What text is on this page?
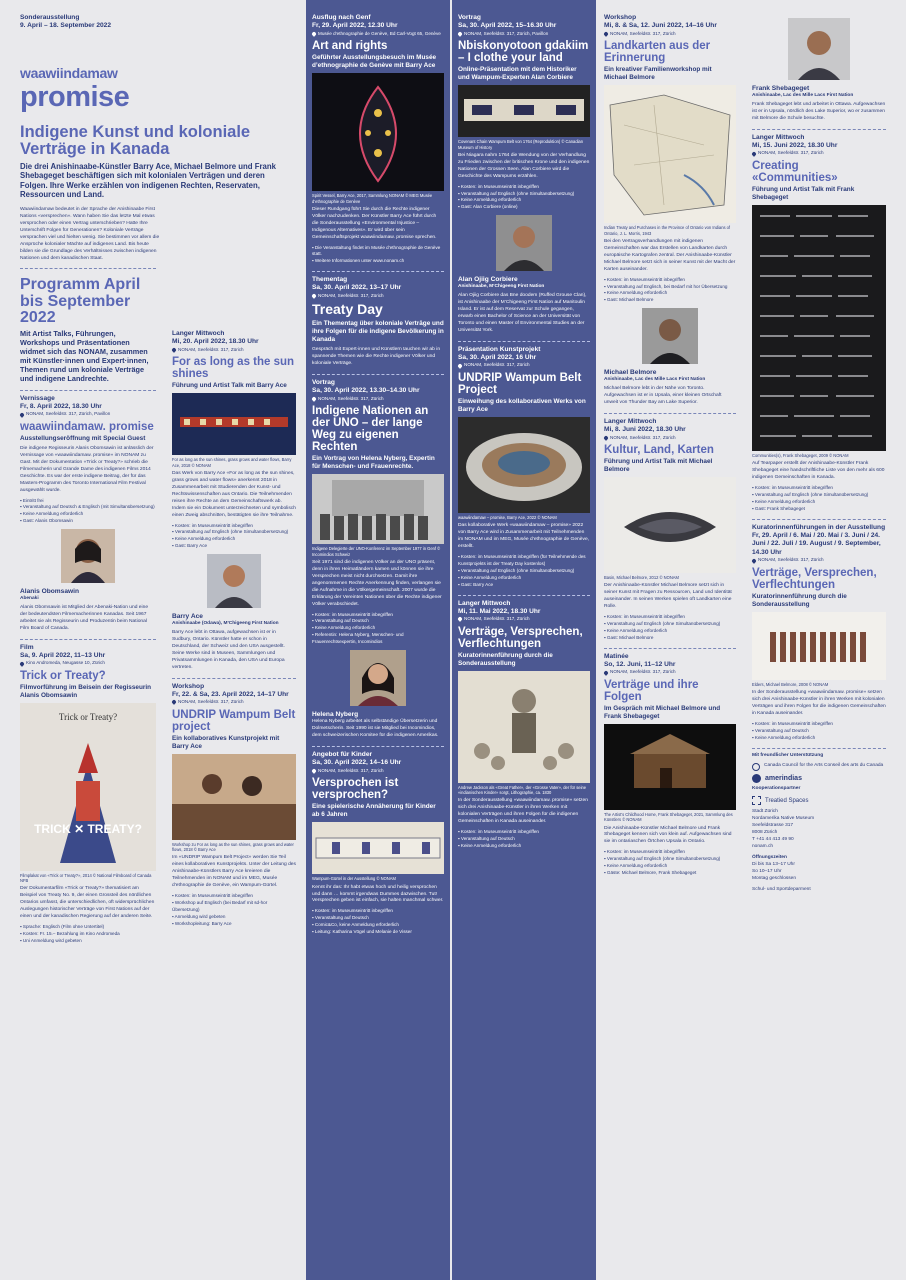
Sonderausstellung
9. April – 18. September 2022
waawiindamaw
promise
Indigene Kunst und koloniale Verträge in Kanada
Die drei Anishinaabe-Künstler Barry Ace, Michael Belmore und Frank Shebageget beschäftigen sich mit kolonialen Verträgen und deren Folgen. Ihre Werke erzählen von indigenen Rechten, Reservaten, Ressourcen und Land.
Waawiindamaw bedeutet in der Sprache der Anishinaabe First Nations «versprechen». Wann haben Sie das letzte Mal etwas versprochen oder einen Vertrag unterschrieben? Hatte Ihre Unterschrift Folgen für Generationen? Koloniale Verträge versprachen viel und hielten wenig. Sie bestimmen vor allem die Ansprüche kolonialer Mächte auf indigenes Land. Bis heute bilden sie die Grundlage des Verhältnisses zwischen indigenen Nationen und dem kanadischen Staat.
Programm April bis September 2022
Mit Artist Talks, Führungen, Workshops und Präsentationen widmet sich das NONAM, zusammen mit Künstler·innen und Expert·innen, Themen rund um koloniale Verträge und indigene Landrechte.
Vernissage
Fr, 8. April 2022, 18.30 Uhr
NONAM, Seefeldstr. 317, Zürich, Pavillon
waawiindamaw. promise
Ausstellungseröffnung mit Special Guest
Die indigene Regisseurin Alanis Obomsawin ist anlässlich der Vernissage von «waawiindamaw. promise» im NONAM zu Gast. Mit der Dokumentation «Trick or Treaty?» schrieb die Filmemacherin und Grande Dame des indigenen Films 2014 Geschichte. Es war der erste indigene Beitrag, der für das Masters-Programm des Toronto International Film Festival ausgewählt wurde.
▪ Eintritt frei
▪ Veranstaltung auf Deutsch & Englisch (mit Simultanübersetzung)
▪ Keine Anmeldung erforderlich
▪ Gast: Alanis Obomsawin
Alanis Obomsawin
Abenaki
Alanis Obomsawin ist Mitglied der Abenaki-Nation und eine der bedeutendsten Filmemacherinnen Kanadas. Seit 1967 arbeitet sie als Regisseurin und Produzentin beim National Film Board of Canada.
Film
Sa, 9. April 2022, 11–13 Uhr
Kino Andromeda, Neugasse 10, Zürich
Trick or Treaty?
Filmvorführung im Beisein der Regisseurin Alanis Obomsawin
Trick or Treaty?
TRICK ✕ TREATY?
Filmplakat von «Trick or Treaty?», 2014 © National Filmboard of Canada NFB
Der Dokumentarfilm «Trick or Treaty?» thematisiert am Beispiel von Treaty No. 9, der einen Grossteil des nördlichen Ontarios umfasst, die unterschiedlichen, oft widersprüchlichen Auslegungen historischer Verträge von First Nations auf der einen und der kanadischen Regierung auf der anderen Seite.
▪ Sprache: Englisch (Film ohne Untertitel)
▪ Kosten: Fr. 15.– Bezahlung im Kino Andromeda
▪ Uni Anmeldung wird gebeten
Langer Mittwoch
Mi, 20. April 2022, 18.30 Uhr
NONAM, Seefeldstr. 317, Zürich
For as long as the sun shines
Führung und Artist Talk mit Barry Ace
For as long as the sun shines, grass grows and water flows, Barry Ace, 2018 © NONAM
Das Werk von Barry Ace «For as long as the sun shines, grass grows and water flows» anerkennt 2018 in Zusammenarbeit mit Studierenden der Kunst- und Rechtswissenschaften aus Ontario. Die Teilnehmenden reisen ihre Rechte an dem Gemeinschaftswerk ab. Indem sie ein Dokument unterzeichneten und symbolisch einen Zweig abschnitten, bestätigten sie ihre Teilnahme.
▪ Kosten: im Museumseintritt inbegriffen
▪ Veranstaltung auf Englisch (ohne Simultanübersetzung)
▪ Keine Anmeldung erforderlich
▪ Gast: Barry Ace
Barry Ace
Anishinaabe (Odawa), M’Chigeeng First Nation
Barry Ace lebt in Ottawa, aufgewachsen ist er in Sudbury, Ontario. Künstler hatte er schon in Deutschland, der Schweiz und den USA ausgestellt. Seine Werke sind in Museen, Sammlungen und Privatsammlungen in Kanada, den USA und Europa vertreten.
Workshop
Fr, 22. & Sa, 23. April 2022, 14–17 Uhr
NONAM, Seefeldstr. 317, Zürich
UNDRIP Wampum Belt project
Ein kollaboratives Kunstprojekt mit Barry Ace
Workshop zu For as long as the sun shines, grass grows and water flows, 2018 © Barry Ace
Im «UNDRIP Wampum Belt Project» werden Sie Teil eines kollaborativen Kunstprojekts. Unter der Leitung des Anishinaabe-Künstlers Barry Ace kreieren die Teilnehmenden im NONAM und im MEG, Musée d’ethnographie de Genève, ein Wampum-Gürtel.
▪ Kosten: im Museumseintritt inbegriffen
▪ Workshop auf Englisch (bei Bedarf mit sd-hor Übersetzung)
▪ Anmeldung wird gebeten
▪ Workshopleitung: Barry Ace
Ausflug nach Genf
Fr, 29. April 2022, 12.30 Uhr
Musée d’ethnographie de Genève, Bd Carl-Vogt 65, Genève
Art and rights
Geführter Ausstellungsbesuch im Musée d’ethnographie de Genève mit Barry Ace
Spirit Vessel, Barry Ace, 2017, Sammlung NONAM © MEG Musée d’ethnographie de Genève
Dieser Rundgang führt Sie durch die Rechte indigener Völker nachzudenken. Der Künstler Barry Ace führt durch die Sonderausstellung «Environmental Injustice – Indigenous Alternatives». Er wird über sein Gemeinschaftsprojekt waawiindamaw. promise sprechen.
▪ Die Veranstaltung findet im Musée d’ethnographie de Genève statt.
▪ Weitere Informationen unter www.nonam.ch
Thementag
Sa, 30. April 2022, 13–17 Uhr
NONAM, Seefeldstr. 317, Zürich
Treaty Day
Ein Thementag über koloniale Verträge und ihre Folgen für die indigene Bevölkerung in Kanada
Gespräch mit Expert·innen und Künstlern tauchen wir ab in spannende Themen wie die Rechte indigener Völker und koloniale Verträge.
Vortrag
Sa, 30. April 2022, 13.30–14.30 Uhr
NONAM, Seefeldstr. 317, Zürich
Indigene Nationen an der UNO – der lange Weg zu eigenen Rechten
Ein Vortrag von Helena Nyberg, Expertin für Menschen- und Frauenrechte.
Indigene Delegierte der UNO-Konferenz im September 1977 in Genf © Incomindios Schweiz
Seit 1971 sind die indigenen Völker an der UNO präsent, denn in ihren Heimatländern kamen und können sie ihre Versprechen meist nicht durchsetzen. Damit ihre angenommenen Rechte Anerkennung finden, verlangen sie die Aufnahme in die Völkergemeinschaft. 2007 wurde die Erklärung der Vereinten Nationen über die Rechte indigener Völker verabschiedet.
▪ Kosten: im Museumseintritt inbegriffen
▪ Veranstaltung auf Deutsch
▪ Keine Anmeldung erforderlich
▪ Referentin: Helena Nyberg, Menschen- und Frauenrechtsexpertin, Incomindios
Helena Nyberg
Helena Nyberg arbeitet als selbständige Übersetzerin und Dolmetscherin. Seit 1990 ist sie Mitglied bei Incomindios, dem schweizerischen Komitee für die indigenen Amerikas.
Angebot für Kinder
Sa, 30. April 2022, 14–16 Uhr
NONAM, Seefeldstr. 317, Zürich
Versprochen ist versprochen?
Eine spielerische Annäherung für Kinder ab 6 Jahren
Wampum-Gürtel in der Ausstellung © NONAM
Kennt ihr das: Ihr habt etwas hoch und heilig versprochen und dann … kommt irgendwas Dummes dazwischen. Tut! Versprechen geben ist einfach, sie halten manchmal schwer.
▪ Kosten: im Museumseintritt inbegriffen
▪ Veranstaltung auf Deutsch
▪ Comic&Co, keine Anmeldung erforderlich
▪ Leitung: Katharina Vögel und Melanie de Visser
Vortrag
Sa, 30. April 2022, 15–16.30 Uhr
NONAM, Seefeldstr. 317, Zürich, Pavillon
Nbiskonyotoon gdakiim – I clothe your land
Online-Präsentation mit dem Historiker und Wampum-Experten Alan Corbiere
Covenant Chain Wampum Belt von 1764 (Reproduktion) © Canadian Museum of History
Bei Niagara nahm 1764 die Wendung von der Verhandlung zu Frieden zwischen der britischen Krone und den indigenen Nationen der Grossen Seen. Alan Corbiere wird die Geschichte des Wampums erzählen.
▪ Kosten: im Museumseintritt inbegriffen
▪ Veranstaltung auf Englisch (ohne Simultanübersetzung)
▪ Keine Anmeldung erforderlich
▪ Gast: Alan Corbiere (online)
Alan Ojiig Corbiere
Anishinaabe, M’Chigeeng First Nation
Alan Ojiig Corbiere das Bne doodem (Ruffed Grouse Clan), ist Anishinaabe der M’Chigeeng First Nation auf Manitoulin Island. Er ist auf dem Reservat zur Schule gegangen, erwarb einen Bachelor of Science an der Universität von Toronto und einen Master of Environmental Studies an der Universität York.
Präsentation Kunstprojekt
Sa, 30. April 2022, 16 Uhr
NONAM, Seefeldstr. 317, Zürich
UNDRIP Wampum Belt Project
Einweihung des kollaborativen Werks von Barry Ace
waawiindamaw – promise, Barry Ace, 2022 © NONAM
Das kollaborative Werk «waawiindamaw – promise» 2022 von Barry Ace wird in Zusammenarbeit mit Teilnehmenden im NONAM und im MEG, Musée d’ethnographie de Genève, erstellt.
▪ Kosten: im Museumseintritt inbegriffen (für Teilnehmende des Kunstprojekts ist der Treaty Day kostenlos)
▪ Veranstaltung auf Englisch (ohne Simultanübersetzung)
▪ Keine Anmeldung erforderlich
▪ Gast: Barry Ace
Langer Mittwoch
Mi, 11. Mai 2022, 18.30 Uhr
NONAM, Seefeldstr. 317, Zürich
Verträge, Versprechen, Verflechtungen
Kuratorinnenführung durch die Sonderausstellung
Andrew Jackson als «Great Father», der «Grosse Vater», der für seine «indianischen Kinder» sorgt, Lithographie, ca. 1830
In der Sonderausstellung «waawiindamaw. promise» setzen sich drei Anishinaabe-Künstler in ihren Werken mit kolonialen Verträgen und ihren Folgen für die indigenen Gemeinschaften in Kanada auseinander.
▪ Kosten: im Museumseintritt inbegriffen
▪ Veranstaltung auf Deutsch
▪ Keine Anmeldung erforderlich
Workshop
Mi, 8. & Sa, 12. Juni 2022, 14–16 Uhr
NONAM, Seefeldstr. 317, Zürich
Landkarten aus der Erinnerung
Ein kreativer Familienworkshop mit Michael Belmore
Indian Treaty and Purchases in the Province of Ontario von Indians of Ontario, J. L. Morris, 1943
Bei den Vertragsverhandlungen mit indigenen Gemeinschaften war das Erstellen von Landkarten durch europäische Kartografen zentral. Der Anishinaabe-Künstler Michael Belmore setzt sich in seiner Kunst mit der Macht der Karten auseinander.
▪ Kosten: im Museumseintritt inbegriffen
▪ Veranstaltung auf Englisch, bei Bedarf mit hor Übersetzung
▪ Keine Anmeldung erforderlich
▪ Gast: Michael Belmore
Michael Belmore
Anishinaabe, Lac des Mille Lacs First Nation
Michael Belmore lebt in der Nähe von Toronto. Aufgewachsen ist er in Upsala, einer kleinen Ortschaft unweit von Thunder Bay am Lake Superior.
Langer Mittwoch
Mi, 8. Juni 2022, 18.30 Uhr
NONAM, Seefeldstr. 317, Zürich
Kultur, Land, Karten
Führung und Artist Talk mit Michael Belmore
Basin, Michael Belmore, 2012 © NONAM
Der Anishinaabe-Künstler Michael Belmore setzt sich in seiner Kunst mit Fragen zu Ressourcen, Land und Identität auseinander. In seinen Werken spielen oft Landkarten eine Rolle.
▪ Kosten: im Museumseintritt inbegriffen
▪ Veranstaltung auf Englisch (ohne Simultanübersetzung)
▪ Keine Anmeldung erforderlich
▪ Gast: Michael Belmore
Matinée
So, 12. Juni, 11–12 Uhr
NONAM, Seefeldstr. 317, Zürich
Verträge und ihre Folgen
Im Gespräch mit Michael Belmore und Frank Shebageget
The Artist’s Childhood Home, Frank Shebageget, 2021, Sammlung des Künstlers © NONAM
Die Anishinaabe-Künstler Michael Belmore und Frank Shebageget kennen sich von klein auf. Aufgewachsen sind sie im ontariaschen Örtchen Upsala in Ontario.
▪ Kosten: im Museumseintritt inbegriffen
▪ Veranstaltung auf Englisch (ohne Simultanübersetzung)
▪ Keine Anmeldung erforderlich
▪ Gäste: Michael Belmore, Frank Shebageget
Frank Shebageget
Anishinaabe, Lac des Mille Lacs First Nation
Frank Shebageget lebt und arbeitet in Ottawa. Aufgewachsen ist er in Upsala, nördlich des Lake Superior, wo er zusammen mit Belmore die Schule besuchte.
Langer Mittwoch
Mi, 15. Juni 2022, 18.30 Uhr
NONAM, Seefeldstr. 317, Zürich
Creating «Communities»
Führung und Artist Talk mit Frank Shebageget
Communities(s), Frank Shebageget, 2009 © NONAM
Auf Tearpaper erstellt der Anishinaabe-Künstler Frank Shebageget eine handschriftliche Liste von den mehr als 600 indigenen Gemeinschaften in Kanada.
▪ Kosten: im Museumseintritt inbegriffen
▪ Veranstaltung auf Englisch (ohne Simultanübersetzung)
▪ Keine Anmeldung erforderlich
▪ Gast: Frank Shebageget
Kuratorinnenführungen in der Ausstellung
Fr, 29. April / 6. Mai / 20. Mai / 3. Juni / 24. Juni / 22. Juli / 19. August / 9. September, 14.30 Uhr
NONAM, Seefeldstr. 317, Zürich
Verträge, Versprechen, Verflechtungen
Kuratorinnenführung durch die Sonderausstellung
Elders, Michael Belmore, 2008 © NONAM
In der Sonderausstellung «waawiindamaw. promise» setzen sich drei Anishinaabe-Künstler in ihren Werken mit kolonialen Verträgen und ihren Folgen für die indigenen Gemeinschaften in Kanada auseinander.
▪ Kosten: im Museumseintritt inbegriffen
▪ Veranstaltung auf Deutsch
▪ Keine Anmeldung erforderlich
Mit freundlicher Unterstützung
Canada Council for the Arts Conseil des arts du Canada
amerindias
Kooperationspartner
Treatied Spaces
Stadt Zürich
Nordamerika Native Museum
Seefeldstrasse 317
8008 Zürich
T +41 44 413 49 90
nonam.ch
Öffnungszeiten
Di bis Sa 13–17 Uhr
So 10–17 Uhr
Montag geschlossen
Schul- und Sportdeparment
